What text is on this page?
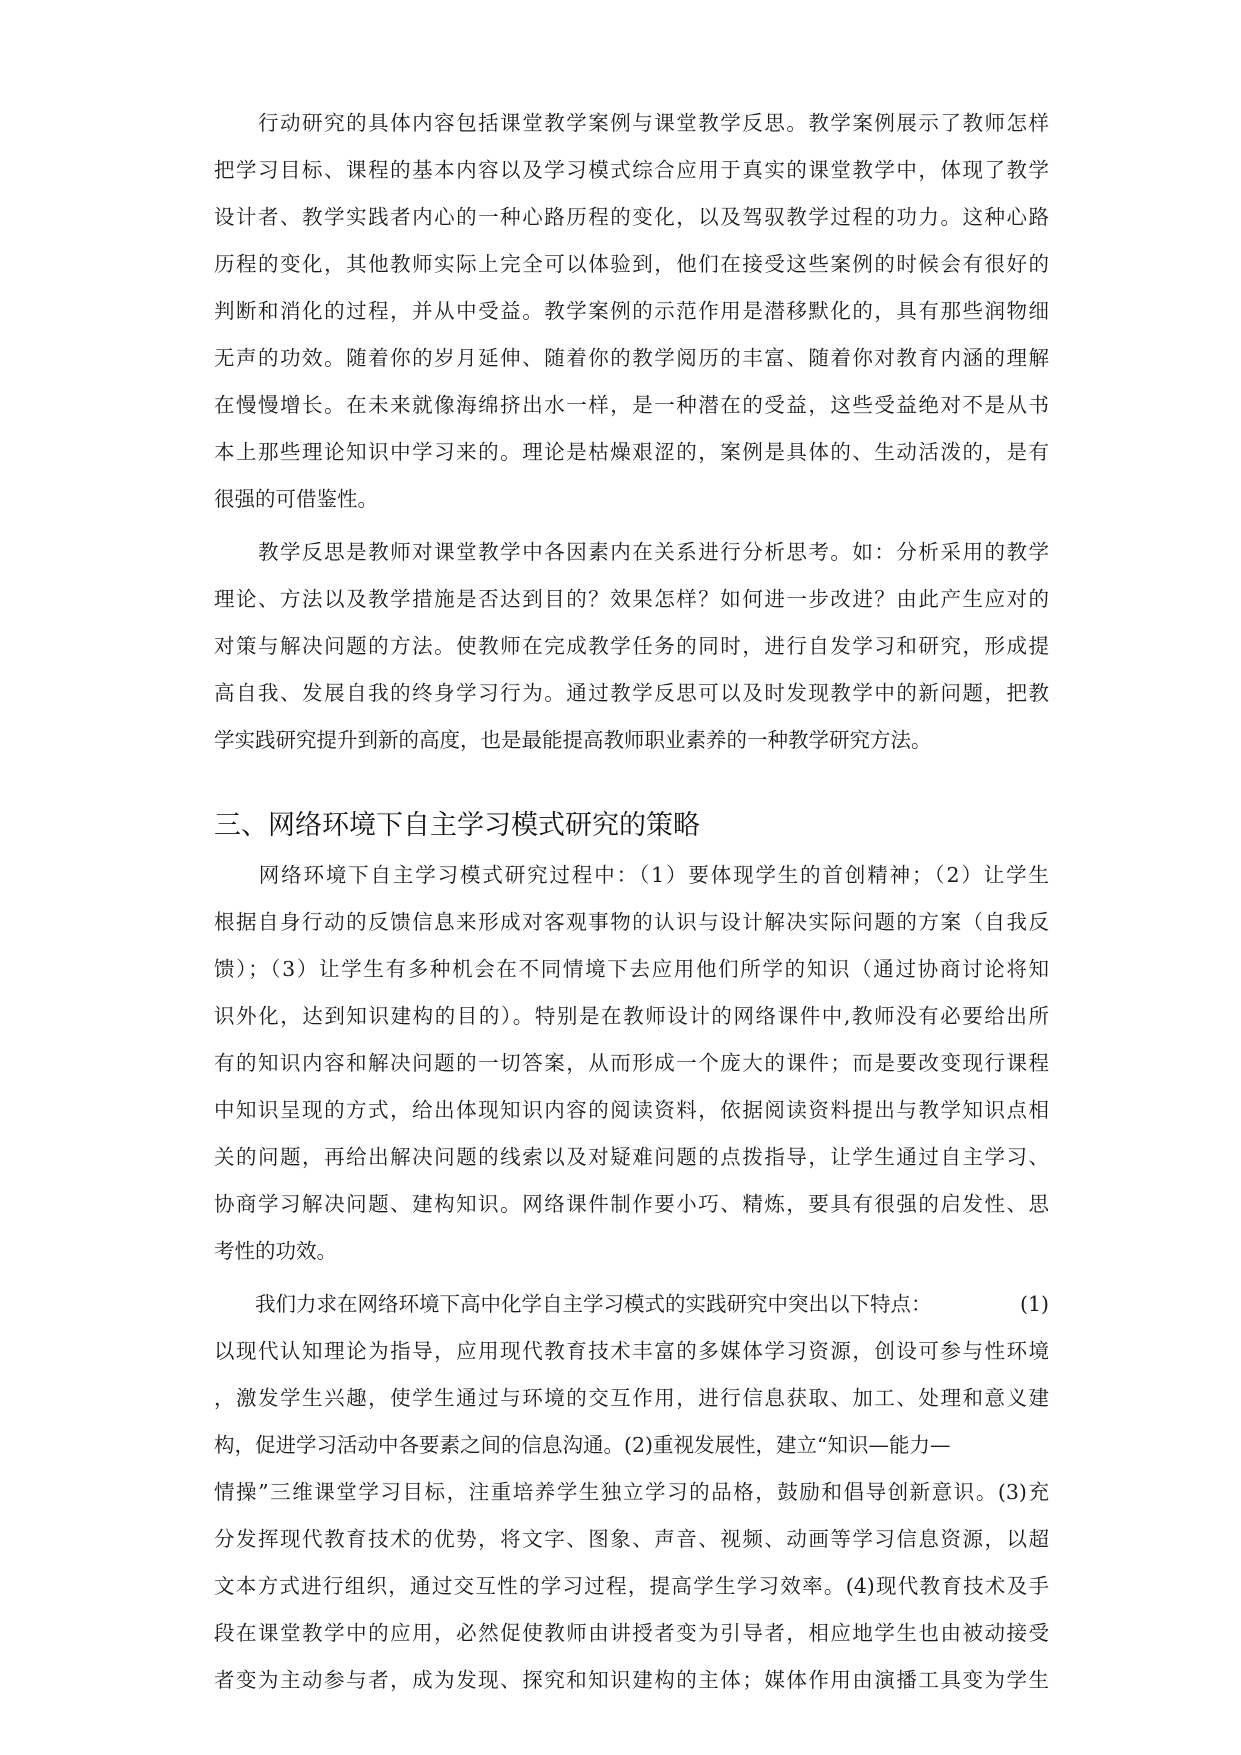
　　行动研究的具体内容包括课堂教学案例与课堂教学反思。教学案例展示了教师怎样
把学习目标、课程的基本内容以及学习模式综合应用于真实的课堂教学中，体现了教学
设计者、教学实践者内心的一种心路历程的变化，以及驾驭教学过程的功力。这种心路
历程的变化，其他教师实际上完全可以体验到，他们在接受这些案例的时候会有很好的
判断和消化的过程，并从中受益。教学案例的示范作用是潜移默化的，具有那些润物细
无声的功效。随着你的岁月延伸、随着你的教学阅历的丰富、随着你对教育内涵的理解
在慢慢增长。在未来就像海绵挤出水一样，是一种潜在的受益，这些受益绝对不是从书
本上那些理论知识中学习来的。理论是枯燥艰涩的，案例是具体的、生动活泼的，是有
很强的可借鉴性。
　　教学反思是教师对课堂教学中各因素内在关系进行分析思考。如：分析采用的教学
理论、方法以及教学措施是否达到目的？效果怎样？如何进一步改进？由此产生应对的
对策与解决问题的方法。使教师在完成教学任务的同时，进行自发学习和研究，形成提
高自我、发展自我的终身学习行为。通过教学反思可以及时发现教学中的新问题，把教
学实践研究提升到新的高度，也是最能提高教师职业素养的一种教学研究方法。
三、网络环境下自主学习模式研究的策略
　　网络环境下自主学习模式研究过程中：（1）要体现学生的首创精神；（2）让学生
根据自身行动的反馈信息来形成对客观事物的认识与设计解决实际问题的方案（自我反
馈）；（3）让学生有多种机会在不同情境下去应用他们所学的知识（通过协商讨论将知
识外化，达到知识建构的目的）。特别是在教师设计的网络课件中,教师没有必要给出所
有的知识内容和解决问题的一切答案，从而形成一个庞大的课件；而是要改变现行课程
中知识呈现的方式，给出体现知识内容的阅读资料，依据阅读资料提出与教学知识点相
关的问题，再给出解决问题的线索以及对疑难问题的点拨指导，让学生通过自主学习、
协商学习解决问题、建构知识。网络课件制作要小巧、精炼，要具有很强的启发性、思
考性的功效。
　　我们力求在网络环境下高中化学自主学习模式的实践研究中突出以下特点：	(1)
以现代认知理论为指导，应用现代教育技术丰富的多媒体学习资源，创设可参与性环境
，激发学生兴趣，使学生通过与环境的交互作用，进行信息获取、加工、处理和意义建
构，促进学习活动中各要素之间的信息沟通。(2)重视发展性，建立“知识—能力—
情操”三维课堂学习目标，注重培养学生独立学习的品格，鼓励和倡导创新意识。(3)充
分发挥现代教育技术的优势，将文字、图象、声音、视频、动画等学习信息资源，以超
文本方式进行组织，通过交互性的学习过程，提高学生学习效率。(4)现代教育技术及手
段在课堂教学中的应用，必然促使教师由讲授者变为引导者，相应地学生也由被动接受
者变为主动参与者，成为发现、探究和知识建构的主体；媒体作用由演播工具变为学生
